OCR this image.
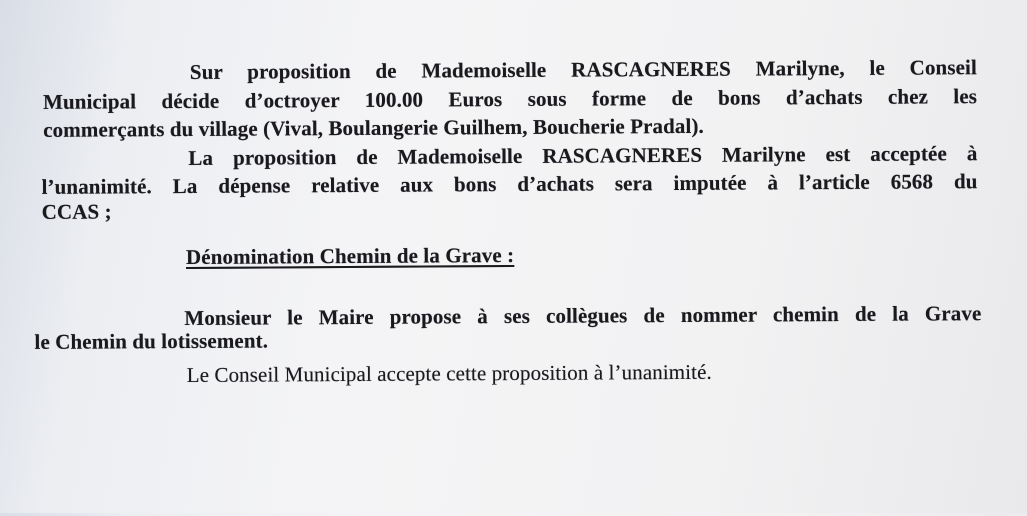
Sur proposition de Mademoiselle RASCAGNERES Marilyne, le Conseil
Municipal décide d’octroyer 100.00 Euros sous forme de bons d’achats chez les
commerçants du village (Vival, Boulangerie Guilhem, Boucherie Pradal).
La proposition de Mademoiselle RASCAGNERES Marilyne est acceptée à
l’unanimité. La dépense relative aux bons d’achats sera imputée à l’article 6568 du
CCAS ;
Dénomination Chemin de la Grave :
Monsieur le Maire propose à ses collègues de nommer chemin de la Grave
le Chemin du lotissement.
Le Conseil Municipal accepte cette proposition à l’unanimité.
